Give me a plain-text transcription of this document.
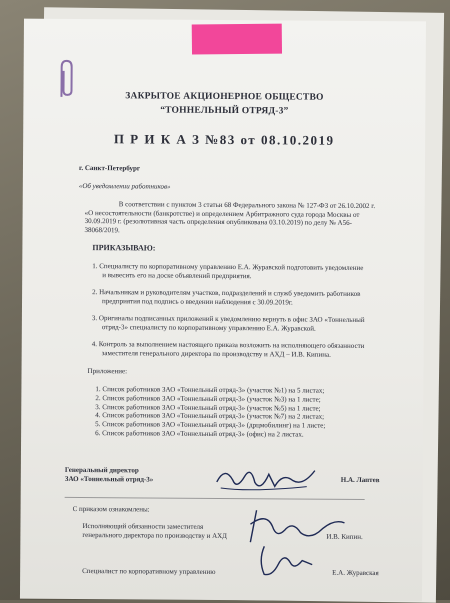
ЗАКРЫТОЕ АКЦИОНЕРНОЕ ОБЩЕСТВО
“ТОННЕЛЬНЫЙ ОТРЯД-3”
П Р И К А З №83 от 08.10.2019
г. Санкт-Петербург
«Об уведомлении работников»
В соответствии с пунктом 3 статьи 68 Федерального закона № 127-ФЗ от 26.10.2002 г.
«О несостоятельности (банкротстве) и определением Арбитражного суда города Москвы от
30.09.2019 г. (резолютивная часть определения опубликована 03.10.2019) по делу № А56-
38068/2019.
ПРИКАЗЫВАЮ:
1. Специалисту по корпоративному управлению Е.А. Журавской подготовить уведомление
и вывесить его на доске объявлений предприятия.
2. Начальникам и руководителям участков, подразделений и служб уведомить работников
предприятия под подпись о введении наблюдения с 30.09.2019г.
3. Оригиналы подписанных приложений к уведомлению вернуть в офис ЗАО «Тоннельный
отряд-3» специалисту по корпоративному управлению Е.А. Журавской.
4. Контроль за выполнением настоящего приказа возложить на исполняющего обязанности
заместителя генерального директора по производству и АХД – И.В. Кипина.
Приложение:
1. Список работников ЗАО «Тоннельный отряд-3» (участок №1) на 5 листах;
2. Список работников ЗАО «Тоннельный отряд-3» (участок №3) на 1 листе;
3. Список работников ЗАО «Тоннельный отряд-3» (участок №5) на 1 листе;
4. Список работников ЗАО «Тоннельный отряд-3» (участок №7) на 2 листах;
5. Список работников ЗАО «Тоннельный отряд-3» (дрцмобилинг) на 1 листе;
6. Список работников ЗАО «Тоннельный отряд-3» (офис) на 2 листах.
Генеральный директор
ЗАО «Тоннельный отряд-3»	Н.А. Лаптев
С приказом ознакомлены:
Исполняющий обязанности заместителя
генерального директора по производству и АХД	И.В. Кипин.
Специалист по корпоративному управлению	Е.А. Журавская
